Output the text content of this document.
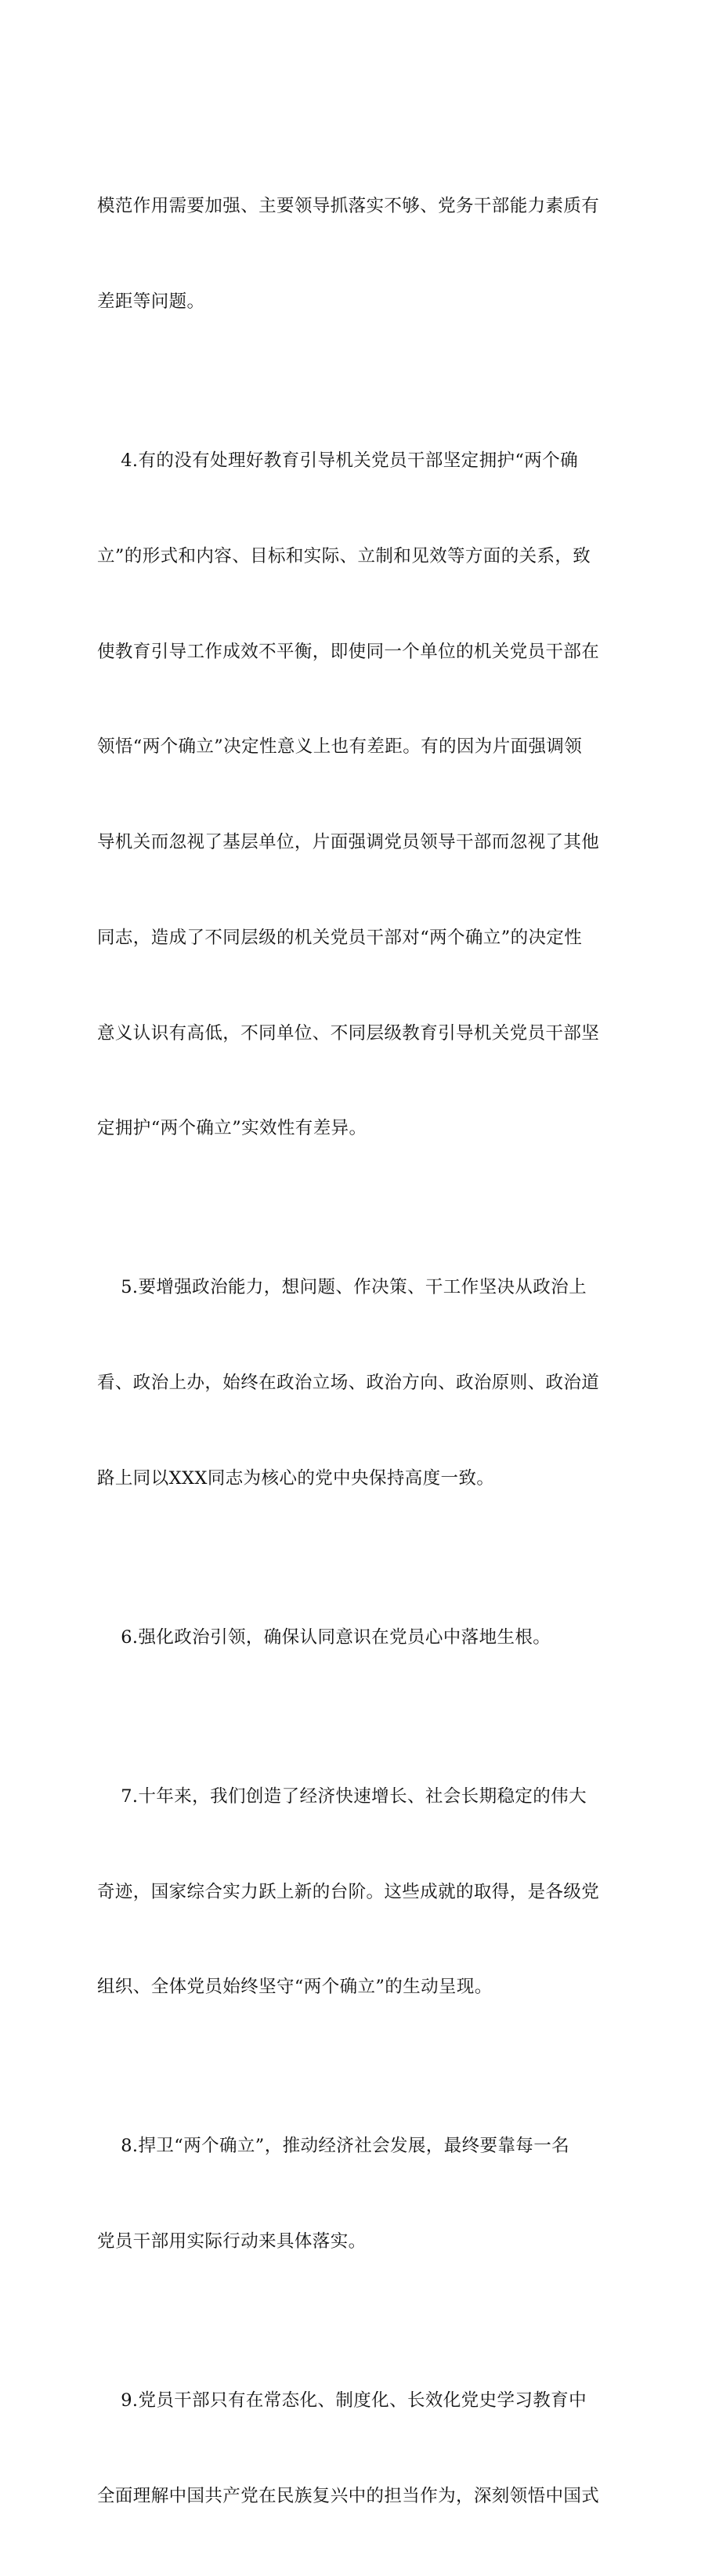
模范作用需要加强、主要领导抓落实不够、党务干部能力素质有

差距等问题。

4.有的没有处理好教育引导机关党员干部坚定拥护“两个确

立”的形式和内容、目标和实际、立制和见效等方面的关系，致

使教育引导工作成效不平衡，即使同一个单位的机关党员干部在

领悟“两个确立”决定性意义上也有差距。有的因为片面强调领

导机关而忽视了基层单位，片面强调党员领导干部而忽视了其他

同志，造成了不同层级的机关党员干部对“两个确立”的决定性

意义认识有高低，不同单位、不同层级教育引导机关党员干部坚

定拥护“两个确立”实效性有差异。

5.要增强政治能力，想问题、作决策、干工作坚决从政治上

看、政治上办，始终在政治立场、政治方向、政治原则、政治道

路上同以XXX同志为核心的党中央保持高度一致。

6.强化政治引领，确保认同意识在党员心中落地生根。

7.十年来，我们创造了经济快速增长、社会长期稳定的伟大

奇迹，国家综合实力跃上新的台阶。这些成就的取得，是各级党

组织、全体党员始终坚守“两个确立”的生动呈现。

8.捍卫“两个确立”，推动经济社会发展，最终要靠每一名

党员干部用实际行动来具体落实。

9.党员干部只有在常态化、制度化、长效化党史学习教育中

全面理解中国共产党在民族复兴中的担当作为，深刻领悟中国式
